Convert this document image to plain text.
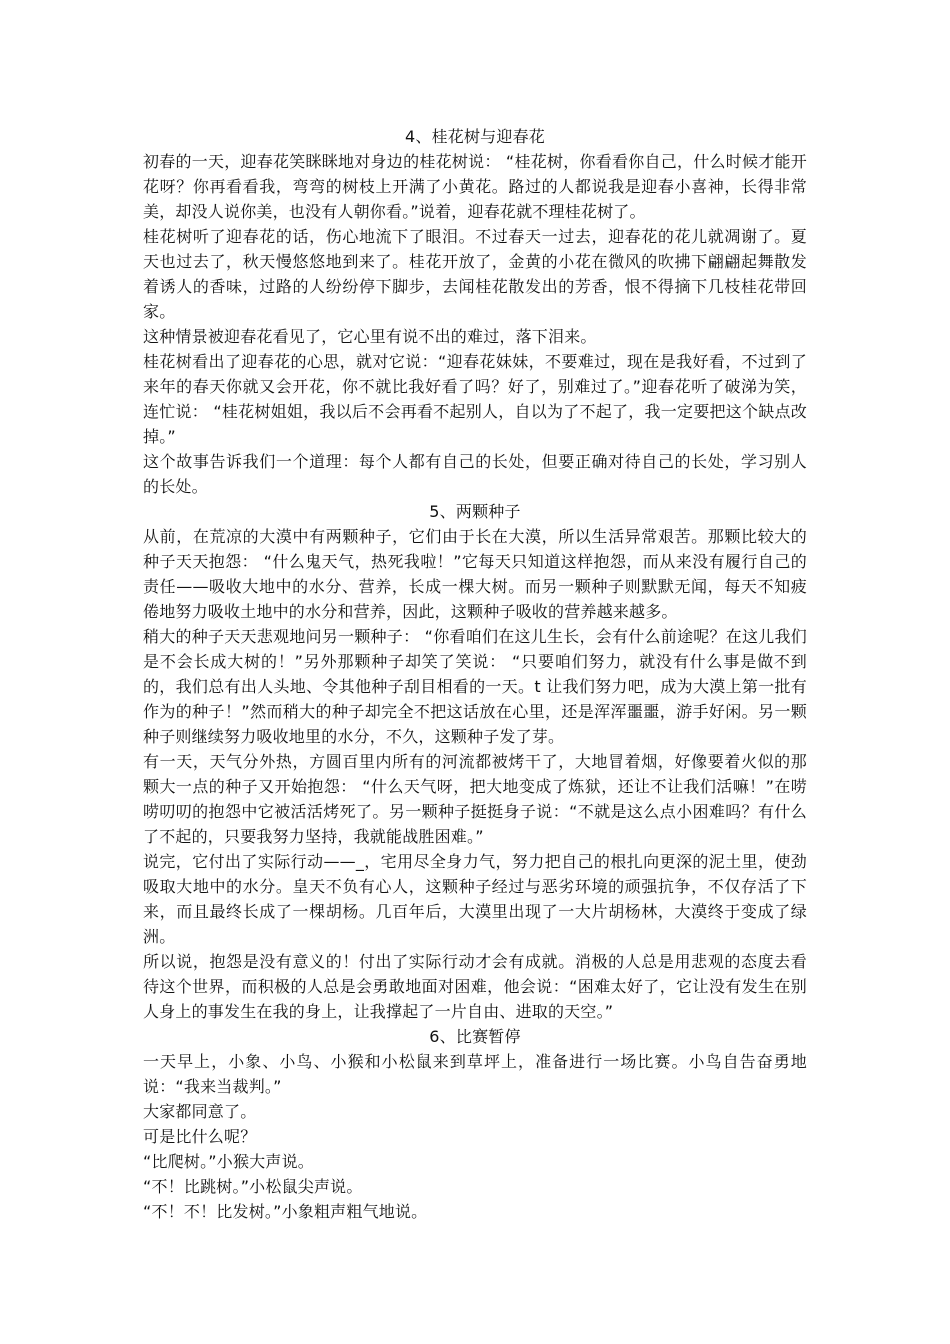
4、桂花树与迎春花

初春的一天，迎春花笑眯眯地对身边的桂花树说： “桂花树，你看看你自己，什么时候才能开花呀？你再看看我，弯弯的树枝上开满了小黄花。路过的人都说我是迎春小喜神，长得非常美，却没人说你美，也没有人朝你看。”说着，迎春花就不理桂花树了。

桂花树听了迎春花的话，伤心地流下了眼泪。不过春天一过去，迎春花的花儿就凋谢了。夏天也过去了，秋天慢悠悠地到来了。桂花开放了，金黄的小花在微风的吹拂下翩翩起舞散发着诱人的香味，过路的人纷纷停下脚步，去闻桂花散发出的芳香，恨不得摘下几枝桂花带回家。

这种情景被迎春花看见了，它心里有说不出的难过，落下泪来。

桂花树看出了迎春花的心思，就对它说：“迎春花妹妹，不要难过，现在是我好看，不过到了来年的春天你就又会开花，你不就比我好看了吗？好了，别难过了。”迎春花听了破涕为笑，连忙说： “桂花树姐姐，我以后不会再看不起别人，自以为了不起了，我一定要把这个缺点改掉。”

这个故事告诉我们一个道理：每个人都有自己的长处，但要正确对待自己的长处，学习别人的长处。

5、两颗种子

从前，在荒凉的大漠中有两颗种子，它们由于长在大漠，所以生活异常艰苦。那颗比较大的种子天天抱怨： “什么鬼天气，热死我啦！”它每天只知道这样抱怨，而从来没有履行自己的责任——吸收大地中的水分、营养，长成一棵大树。而另一颗种子则默默无闻，每天不知疲倦地努力吸收土地中的水分和营养，因此，这颗种子吸收的营养越来越多。

稍大的种子天天悲观地问另一颗种子： “你看咱们在这儿生长，会有什么前途呢？在这儿我们是不会长成大树的！”另外那颗种子却笑了笑说： “只要咱们努力，就没有什么事是做不到的，我们总有出人头地、令其他种子刮目相看的一天。t 让我们努力吧，成为大漠上第一批有作为的种子！”然而稍大的种子却完全不把这话放在心里，还是浑浑噩噩，游手好闲。另一颗种子则继续努力吸收地里的水分，不久，这颗种子发了芽。

有一天，天气分外热，方圆百里内所有的河流都被烤干了，大地冒着烟，好像要着火似的那颗大一点的种子又开始抱怨： “什么天气呀，把大地变成了炼狱，还让不让我们活嘛！”在唠唠叨叨的抱怨中它被活活烤死了。另一颗种子挺挺身子说：“不就是这么点小困难吗？有什么了不起的，只要我努力坚持，我就能战胜困难。”

说完，它付出了实际行动——_，宅用尽全身力气，努力把自己的根扎向更深的泥土里，使劲吸取大地中的水分。皇天不负有心人，这颗种子经过与恶劣环境的顽强抗争，不仅存活了下来，而且最终长成了一棵胡杨。几百年后，大漠里出现了一大片胡杨林，大漠终于变成了绿洲。

所以说，抱怨是没有意义的！付出了实际行动才会有成就。消极的人总是用悲观的态度去看待这个世界，而积极的人总是会勇敢地面对困难，他会说：“困难太好了，它让没有发生在别人身上的事发生在我的身上，让我撑起了一片自由、进取的天空。”

6、比赛暂停

一天早上，小象、小鸟、小猴和小松鼠来到草坪上，准备进行一场比赛。小鸟自告奋勇地说：“我来当裁判。”

大家都同意了。

可是比什么呢？

“比爬树。”小猴大声说。

“不！比跳树。”小松鼠尖声说。

“不！不！比发树。”小象粗声粗气地说。
